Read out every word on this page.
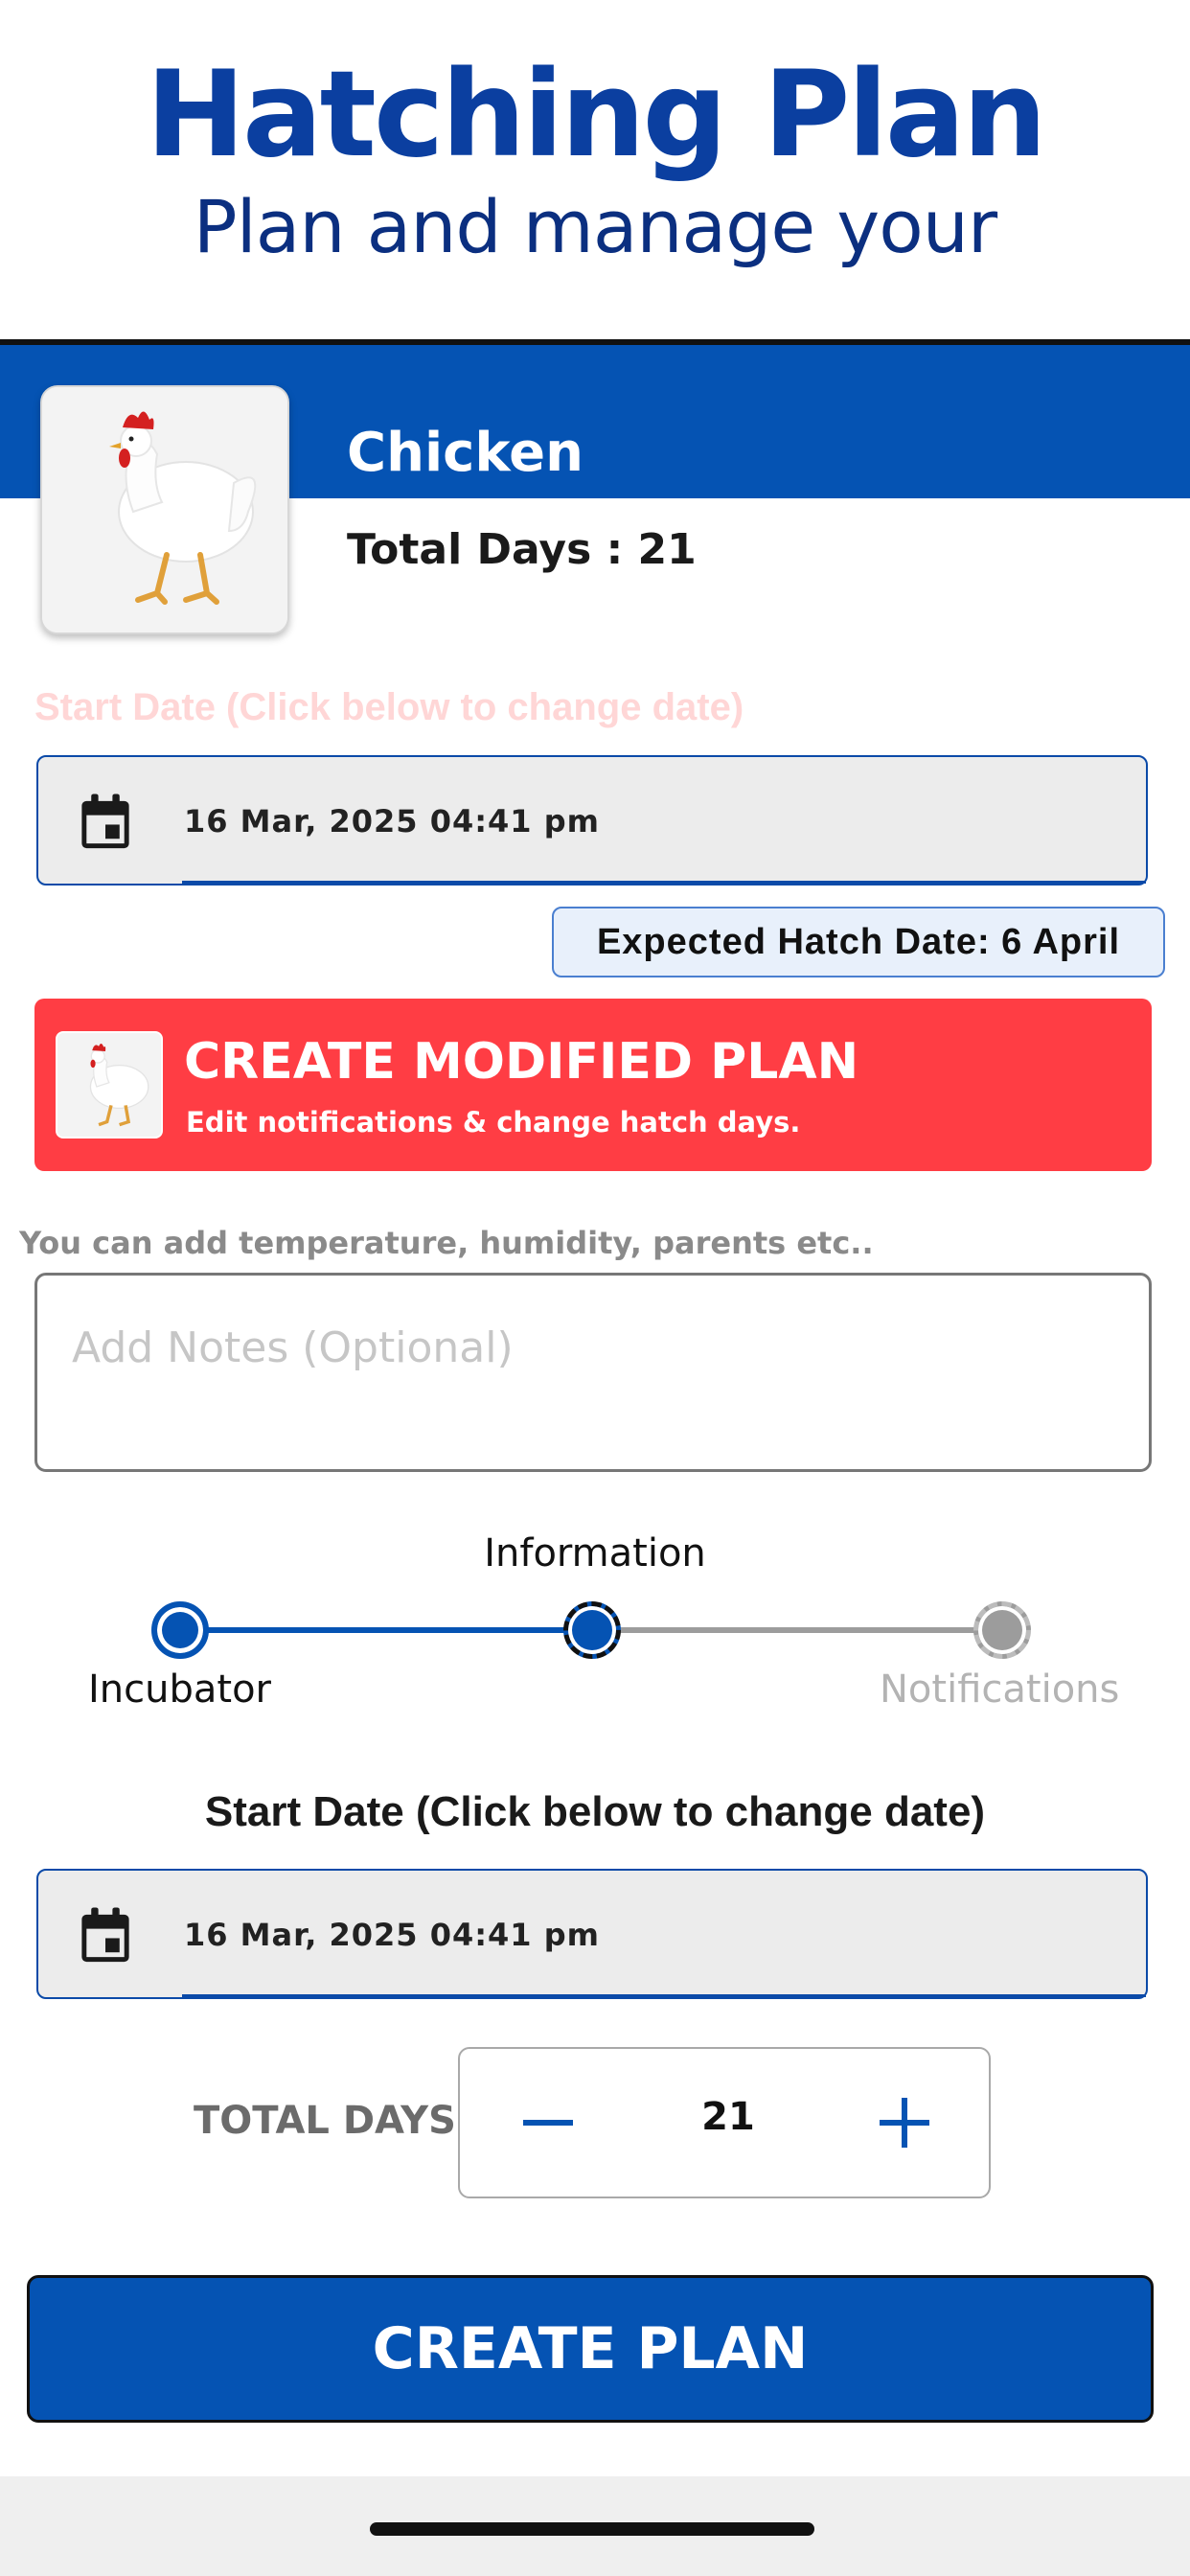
Hatching Plan
Plan and manage your
Chicken
Total Days : 21
Start Date (Click below to change date)
16 Mar, 2025 04:41 pm
Expected Hatch Date: 6 April
CREATE MODIFIED PLAN
Edit notifications & change hatch days.
You can add temperature, humidity, parents etc..
Add Notes (Optional)
Information
Incubator	Notifications
Start Date (Click below to change date)
16 Mar, 2025 04:41 pm
TOTAL DAYS	21
CREATE PLAN
